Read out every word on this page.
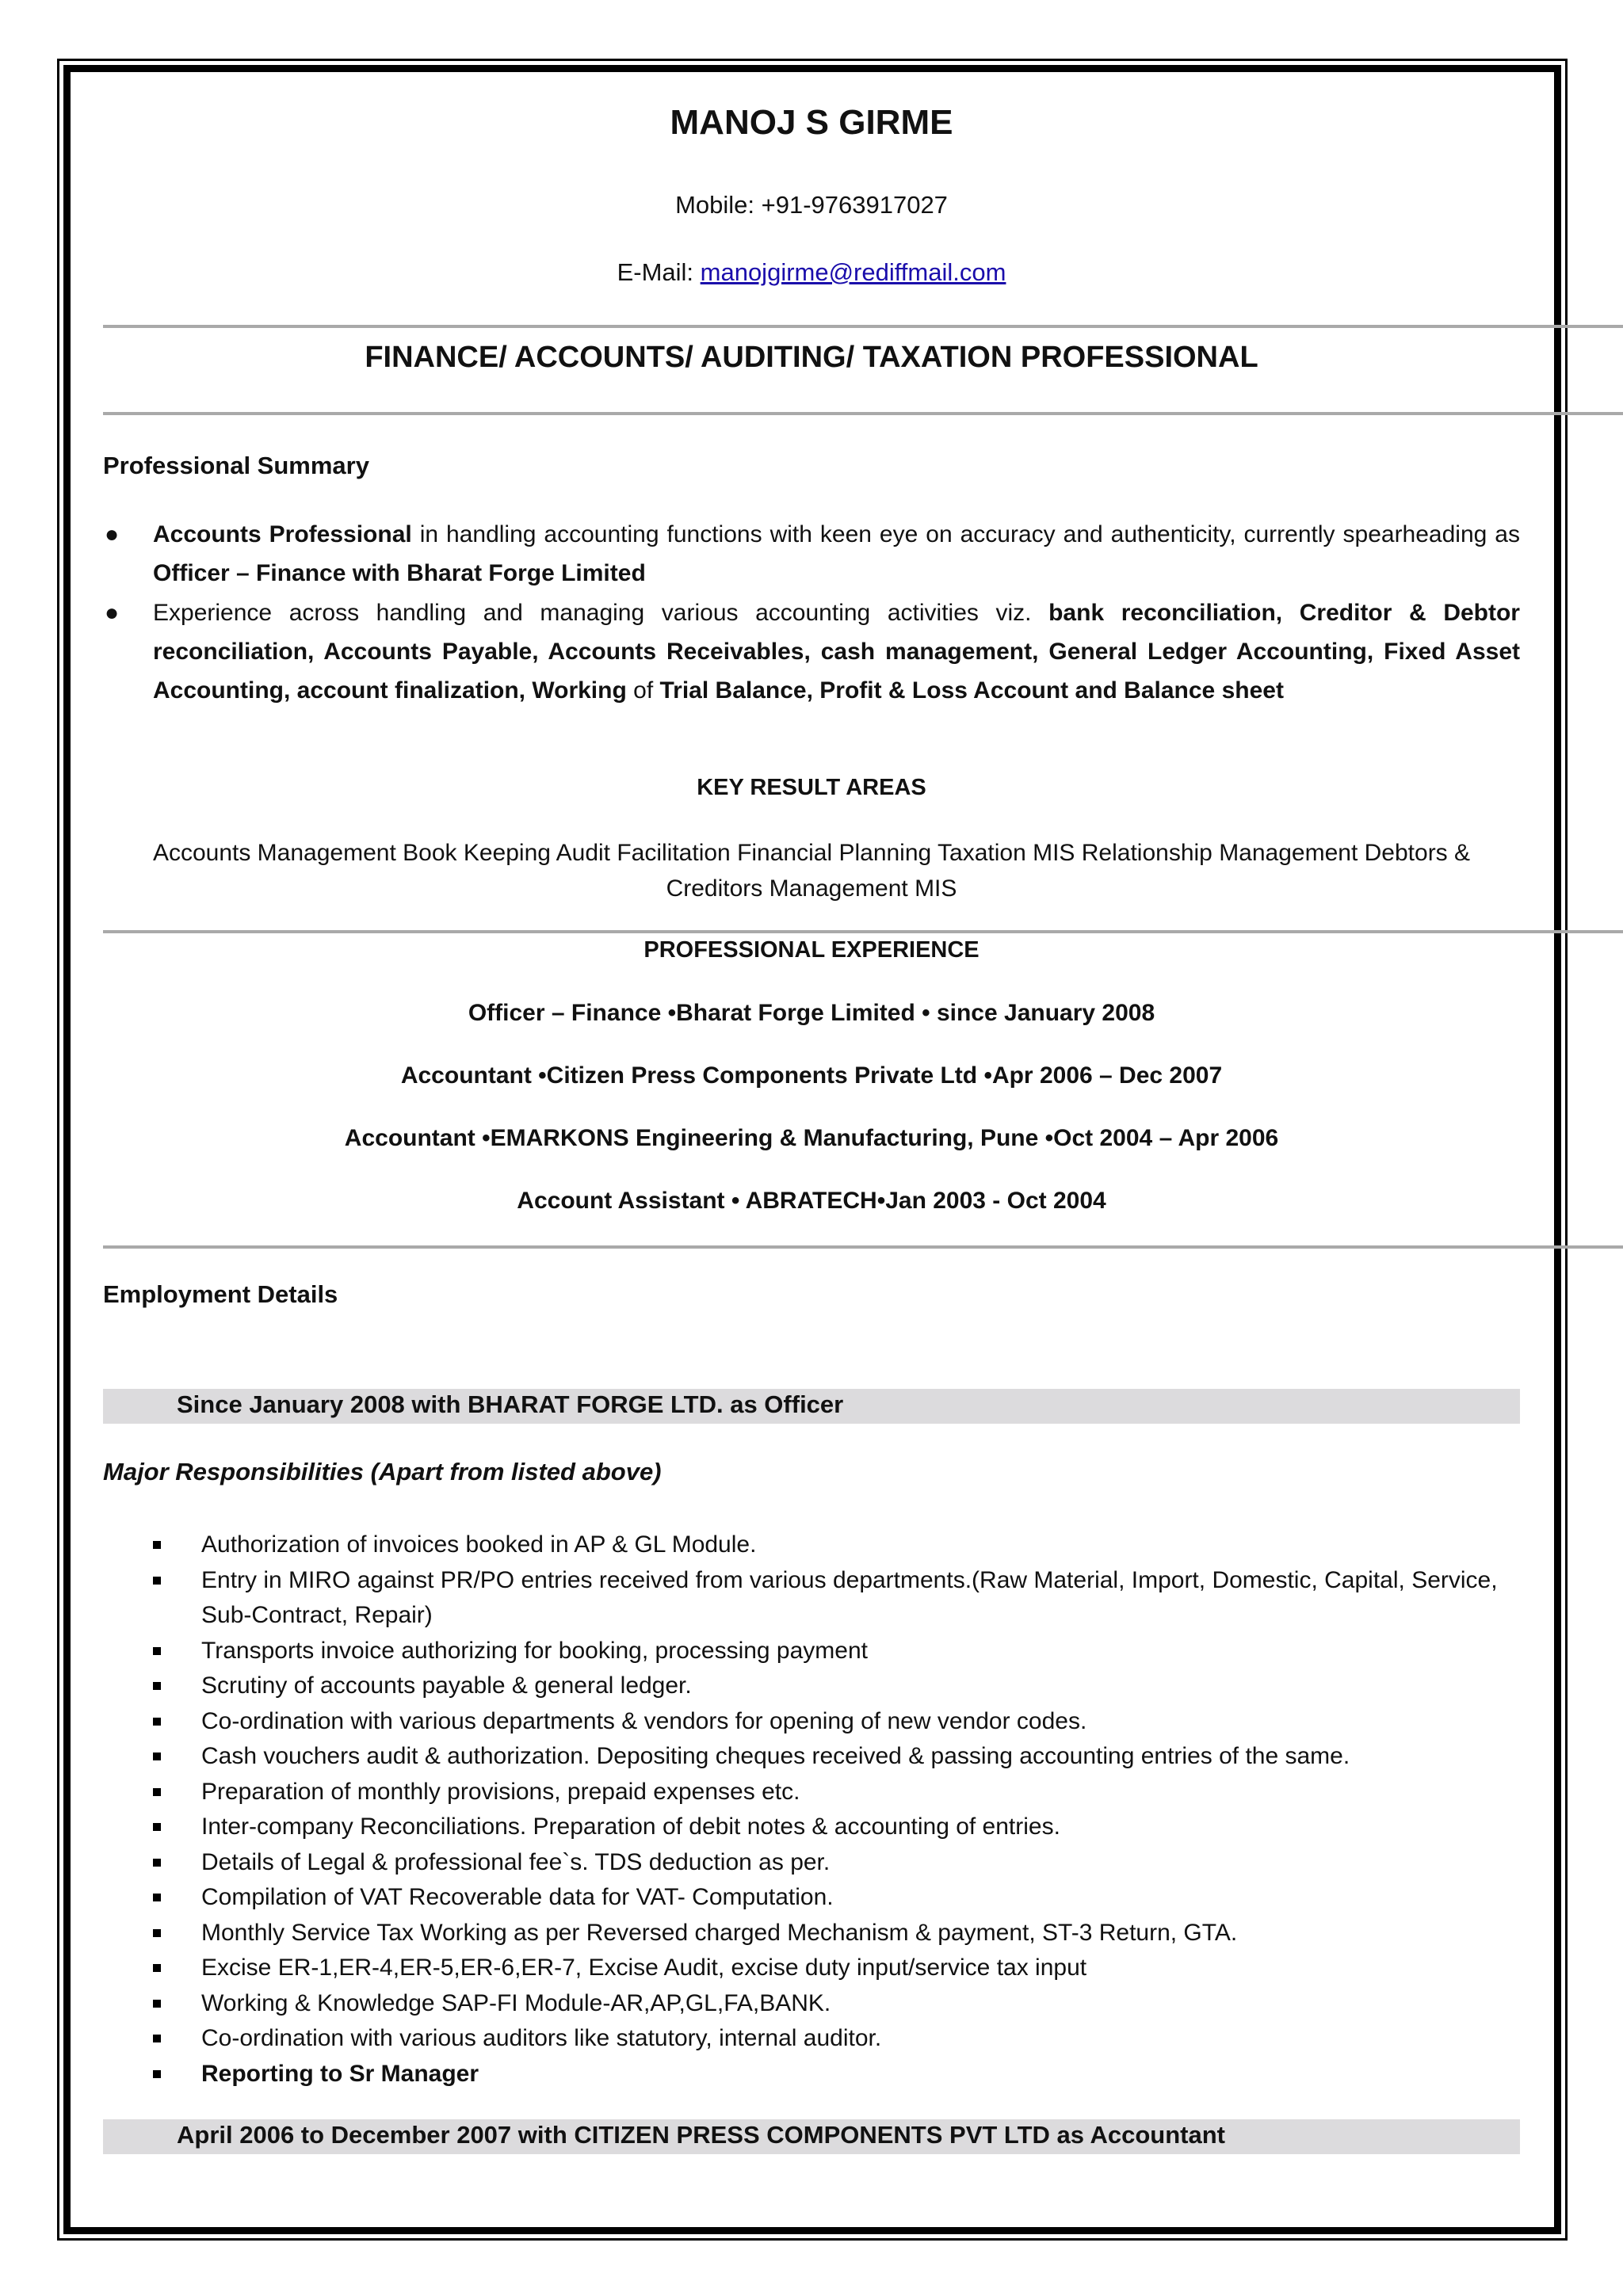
MANOJ S GIRME
Mobile: +91-9763917027
E-Mail: manojgirme@rediffmail.com
FINANCE/ ACCOUNTS/ AUDITING/ TAXATION PROFESSIONAL
Professional Summary
● Accounts Professional in handling accounting functions with keen eye on accuracy and authenticity, currently spearheading as Officer – Finance with Bharat Forge Limited
● Experience across handling and managing various accounting activities viz. bank reconciliation, Creditor & Debtor reconciliation, Accounts Payable, Accounts Receivables, cash management, General Ledger Accounting, Fixed Asset Accounting, account finalization, Working of Trial Balance, Profit & Loss Account and Balance sheet
KEY RESULT AREAS
Accounts Management Book Keeping Audit Facilitation Financial Planning Taxation MIS Relationship Management Debtors & Creditors Management MIS
PROFESSIONAL EXPERIENCE
Officer – Finance •Bharat Forge Limited • since January 2008
Accountant •Citizen Press Components Private Ltd •Apr 2006 – Dec 2007
Accountant •EMARKONS Engineering & Manufacturing, Pune •Oct 2004 – Apr 2006
Account Assistant • ABRATECH•Jan 2003 - Oct 2004
Employment Details
Since January 2008 with BHARAT FORGE LTD. as Officer
Major Responsibilities (Apart from listed above)
Authorization of invoices booked in AP & GL Module.
Entry in MIRO against PR/PO entries received from various departments.(Raw Material, Import, Domestic, Capital, Service, Sub-Contract, Repair)
Transports invoice authorizing for booking, processing payment
Scrutiny of accounts payable & general ledger.
Co-ordination with various departments & vendors for opening of new vendor codes.
Cash vouchers audit & authorization. Depositing cheques received & passing accounting entries of the same.
Preparation of monthly provisions, prepaid expenses etc.
Inter-company Reconciliations. Preparation of debit notes & accounting of entries.
Details of Legal & professional fee`s. TDS deduction as per.
Compilation of VAT Recoverable data for VAT- Computation.
Monthly Service Tax Working as per Reversed charged Mechanism & payment, ST-3 Return, GTA.
Excise ER-1,ER-4,ER-5,ER-6,ER-7, Excise Audit, excise duty input/service tax input
Working & Knowledge SAP-FI Module-AR,AP,GL,FA,BANK.
Co-ordination with various auditors like statutory, internal auditor.
Reporting to Sr Manager
April 2006 to December 2007 with CITIZEN PRESS COMPONENTS PVT LTD as Accountant
